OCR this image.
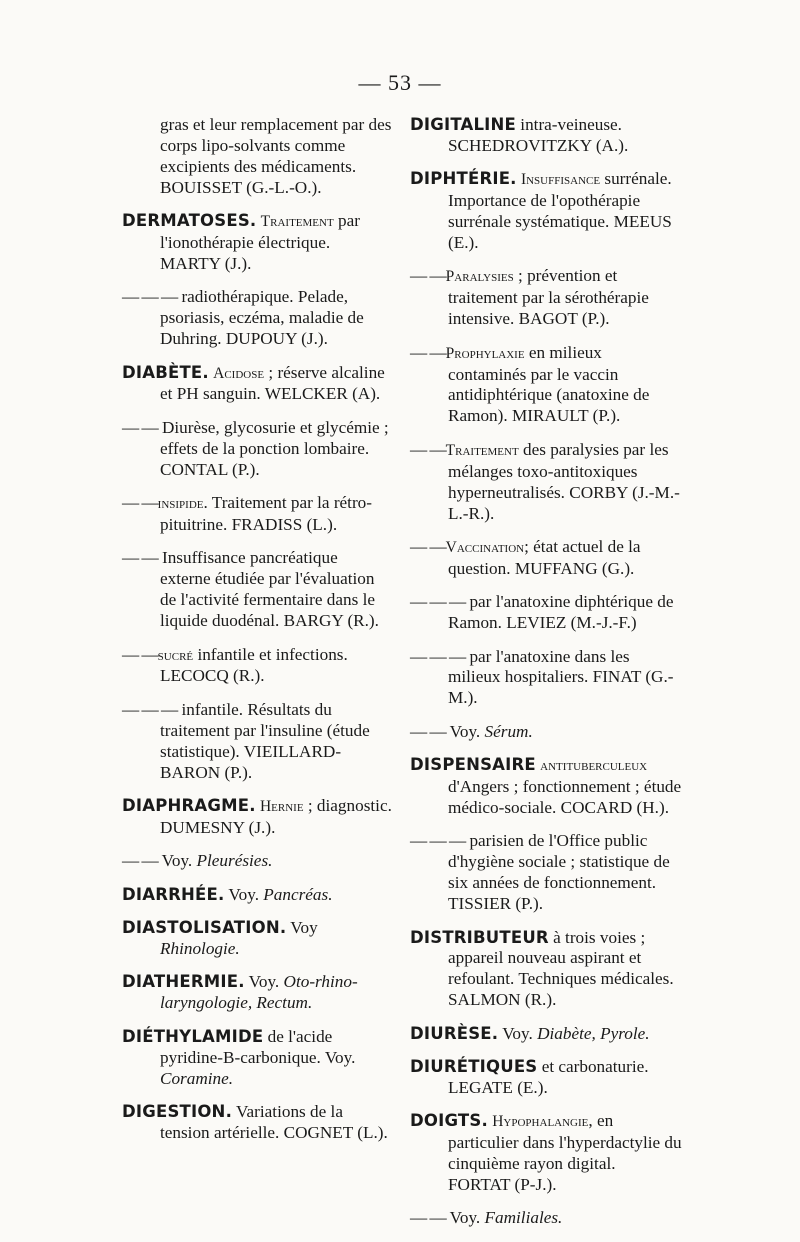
— 53 —
gras et leur remplacement par des corps lipo-solvants comme excipients des médicaments. BOUISSET (G.-L.-O.).
DERMATOSES. Traitement par l'ionothérapie électrique. MARTY (J.).
— — — radiothérapique. Pelade, psoriasis, eczéma, maladie de Duhring. DUPOUY (J.).
DIABÈTE. Acidose ; réserve alcaline et PH sanguin. WELCKER (A).
— — Diurèse, glycosurie et glycémie ; effets de la ponction lombaire. CONTAL (P.).
— —insipide. Traitement par la rétro-pituitrine. FRADISS (L.).
— — Insuffisance pancréatique externe étudiée par l'évaluation de l'activité fermentaire dans le liquide duodénal. BARGY (R.).
— —sucré infantile et infections. LECOCQ (R.).
— — — infantile. Résultats du traitement par l'insuline (étude statistique). VIEILLARD-BARON (P.).
DIAPHRAGME. Hernie ; diagnostic. DUMESNY (J.).
— — Voy. Pleurésies.
DIARRHÉE. Voy. Pancréas.
DIASTOLISATION. Voy Rhinologie.
DIATHERMIE. Voy. Oto-rhino-laryngologie, Rectum.
DIÉTHYLAMIDE de l'acide pyridine-B-carbonique. Voy. Coramine.
DIGESTION. Variations de la tension artérielle. COGNET (L.).
DIGITALINE intra-veineuse. SCHEDROVITZKY (A.).
DIPHTÉRIE. Insuffisance surrénale. Importance de l'opothérapie surrénale systématique. MEEUS (E.).
— —Paralysies ; prévention et traitement par la sérothérapie intensive. BAGOT (P.).
— —Prophylaxie en milieux contaminés par le vaccin antidiphtérique (anatoxine de Ramon). MIRAULT (P.).
— —Traitement des paralysies par les mélanges toxo-antitoxiques hyperneutralisés. CORBY (J.-M.-L.-R.).
— —Vaccination; état actuel de la question. MUFFANG (G.).
— — — par l'anatoxine diphtérique de Ramon. LEVIEZ (M.-J.-F.)
— — — par l'anatoxine dans les milieux hospitaliers. FINAT (G.-M.).
— — Voy. Sérum.
DISPENSAIRE antituberculeux d'Angers ; fonctionnement ; étude médico-sociale. COCARD (H.).
— — — parisien de l'Office public d'hygiène sociale ; statistique de six années de fonctionnement. TISSIER (P.).
DISTRIBUTEUR à trois voies ; appareil nouveau aspirant et refoulant. Techniques médicales. SALMON (R.).
DIURÈSE. Voy. Diabète, Pyrole.
DIURÉTIQUES et carbonaturie. LEGATE (E.).
DOIGTS. Hypophalangie, en particulier dans l'hyperdactylie du cinquième rayon digital. FORTAT (P-J.).
— — Voy. Familiales.
